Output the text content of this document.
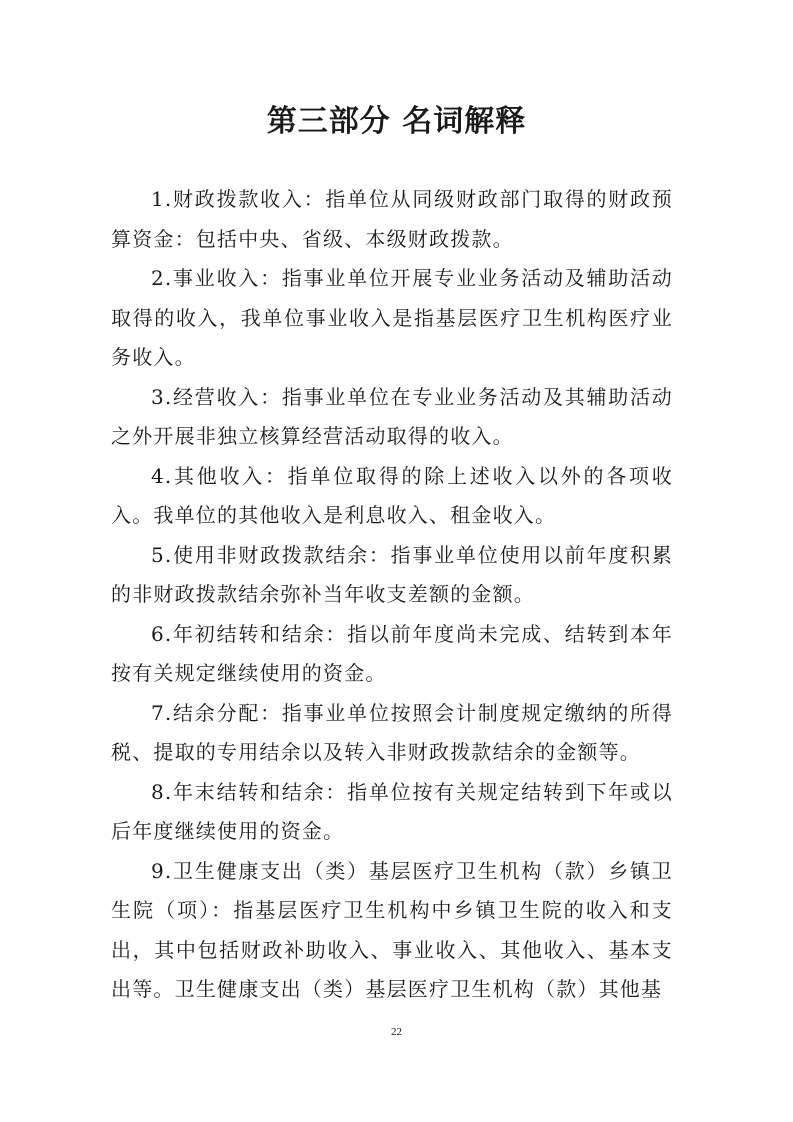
第三部分 名词解释

1.财政拨款收入：指单位从同级财政部门取得的财政预算资金：包括中央、省级、本级财政拨款。

2.事业收入：指事业单位开展专业业务活动及辅助活动取得的收入，我单位事业收入是指基层医疗卫生机构医疗业务收入。

3.经营收入：指事业单位在专业业务活动及其辅助活动之外开展非独立核算经营活动取得的收入。

4.其他收入：指单位取得的除上述收入以外的各项收入。我单位的其他收入是利息收入、租金收入。

5.使用非财政拨款结余：指事业单位使用以前年度积累的非财政拨款结余弥补当年收支差额的金额。

6.年初结转和结余：指以前年度尚未完成、结转到本年按有关规定继续使用的资金。

7.结余分配：指事业单位按照会计制度规定缴纳的所得税、提取的专用结余以及转入非财政拨款结余的金额等。

8.年末结转和结余：指单位按有关规定结转到下年或以后年度继续使用的资金。

9.卫生健康支出（类）基层医疗卫生机构（款）乡镇卫生院（项）：指基层医疗卫生机构中乡镇卫生院的收入和支出，其中包括财政补助收入、事业收入、其他收入、基本支出等。卫生健康支出（类）基层医疗卫生机构（款）其他基

22
